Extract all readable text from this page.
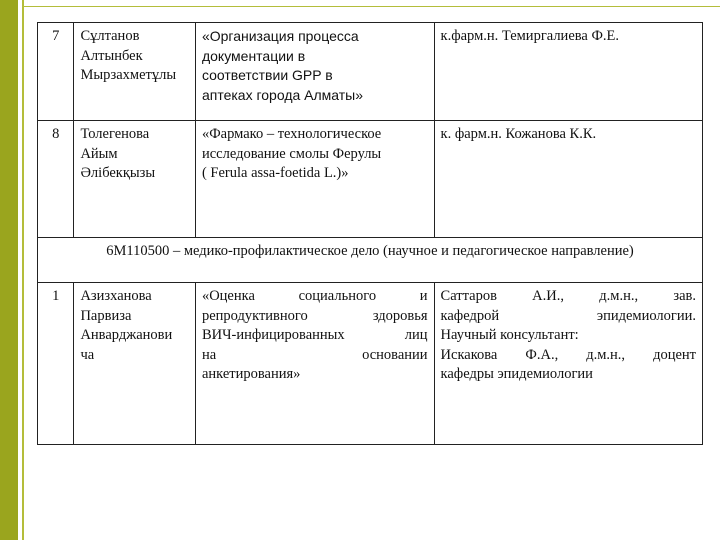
7	Сұлтанов
Алтынбек
Мырзахметұлы	«Организация процесса
документации в
соответствии GPP в
аптеках города Алматы»	к.фарм.н. Темиргалиева Ф.Е.

8	Толегенова
Айым
Әлібекқызы	«Фармако – технологическое
исследование смолы Ферулы
( Ferula assa-foetida L.)»	к. фарм.н. Кожанова К.К.

6M110500 – медико-профилактическое дело (научное и педагогическое направление)			
1	Азизханова
Парвиза
Анварджанови
ча	«Оценка социального и
репродуктивного здоровья
ВИЧ-инфицированных лиц
на основании
анкетирования»	Саттаров А.И., д.м.н., зав.
кафедрой эпидемиологии.
Научный консультант:
Искакова Ф.А., д.м.н., доцент
кафедры эпидемиологии
